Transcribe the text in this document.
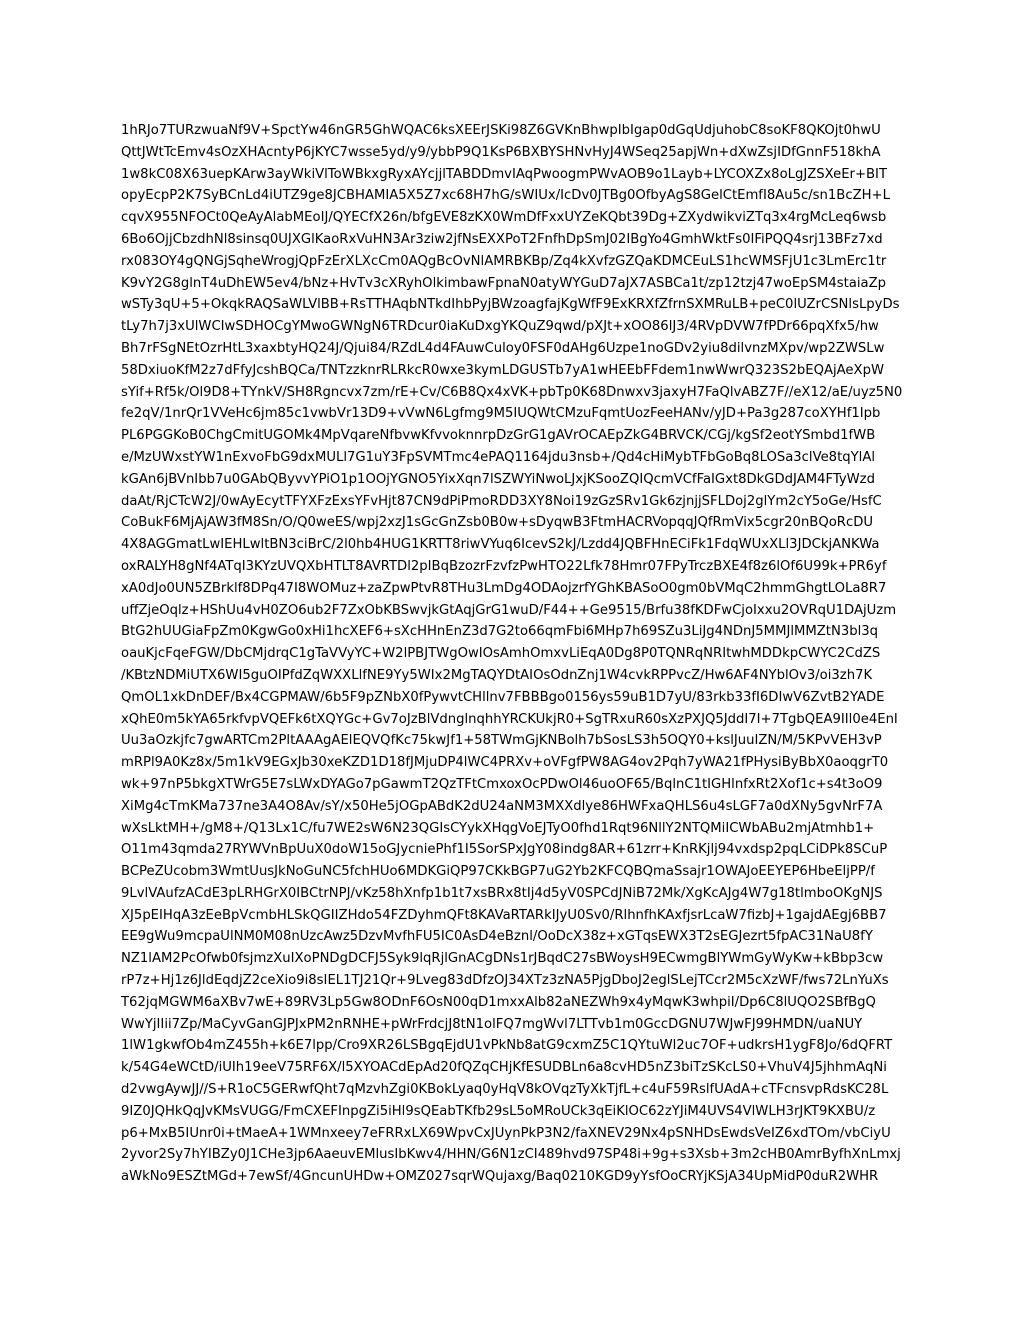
1hRJo7TURzwuaNf9V+SpctYw46nGR5GhWQAC6ksXEErJSKi98Z6GVKnBhwpIbIgap0dGqUdjuhobC8soKF8QKOjt0hwU
QttJWtTcEmv4sOzXHAcntyP6jKYC7wsse5yd/y9/ybbP9Q1KsP6BXBYSHNvHyJ4WSeq25apjWn+dXwZsjIDfGnnF518khA
1w8kC08X63uepKArw3ayWkiVlToWBkxgRyxAYcjjlTABDDmvIAqPwoogmPWvAOB9o1Layb+LYCOXZx8oLgJZSXeEr+BIT
opyEcpP2K7SyBCnLd4iUTZ9ge8JCBHAMIA5X5Z7xc68H7hG/sWIUx/IcDv0JTBg0OfbyAgS8GelCtEmfI8Au5c/sn1BcZH+L
cqvX955NFOCt0QeAyAlabMEoIJ/QYECfX26n/bfgEVE8zKX0WmDfFxxUYZeKQbt39Dg+ZXydwikviZTq3x4rgMcLeq6wsb
6Bo6OjjCbzdhNl8sinsq0UJXGlKaoRxVuHN3Ar3ziw2jfNsEXXPoT2FnfhDpSmJ02IBgYo4GmhWktFs0IFiPQQ4srj13BFz7xd
rx083OY4gQNGjSqheWrogjQpFzErXLXcCm0AQgBcOvNlAMRBKBp/Zq4kXvfzGZQaKDMCEuLS1hcWMSFjU1c3LmErc1tr
K9vY2G8glnT4uDhEW5ev4/bNz+HvTv3cXRyhOlkimbawFpnaN0atyWYGuD7aJX7ASBCa1t/zp12tzj47woEpSM4staiaZp
wSTy3qU+5+OkqkRAQSaWLVlBB+RsTTHAqbNTkdIhbPyjBWzoagfajKgWfF9ExKRXfZfrnSXMRuLB+peC0lUZrCSNlsLpyDs
tLy7h7j3xUlWCIwSDHOCgYMwoGWNgN6TRDcur0iaKuDxgYKQuZ9qwd/pXJt+xOO86lJ3/4RVpDVW7fPDr66pqXfx5/hw
Bh7rFSgNEtOzrHtL3xaxbtyHQ24J/Qjui84/RZdL4d4FAuwCuloy0FSF0dAHg6Uzpe1noGDv2yiu8dilvnzMXpv/wp2ZWSLw
58DxiuoKfM2z7dFfyJcshBQCa/TNTzzknrRLRkcR0wxe3kymLDGUSTb7yA1wHEEbFFdem1nwWwrQ323S2bEQAjAeXpW
sYif+Rf5k/Ol9D8+TYnkV/SH8Rgncvx7zm/rE+Cv/C6B8Qx4xVK+pbTp0K68Dnwxv3jaxyH7FaQlvABZ7F//eX12/aE/uyz5N0
fe2qV/1nrQr1VVeHc6jm85c1vwbVr13D9+vVwN6Lgfmg9M5IUQWtCMzuFqmtUozFeeHANv/yJD+Pa3g287coXYHf1Ipb
PL6PGGKoB0ChgCmitUGOMk4MpVqareNfbvwKfvvoknnrpDzGrG1gAVrOCAEpZkG4BRVCK/CGj/kgSf2eotYSmbd1fWB
e/MzUWxstYW1nExvoFbG9dxMULl7G1uY3FpSVMTmc4ePAQ1164jdu3nsb+/Qd4cHiMybTFbGoBq8LOSa3clVe8tqYlAl
kGAn6jBVnIbb7u0GAbQByvvYPiO1p1OOjYGNO5YixXqn7lSZWYiNwoLJxjKSooZQIQcmVCfFaIGxt8DkGDdJAM4FTyWzd
daAt/RjCTcW2J/0wAyEcytTFYXFzExsYFvHjt87CN9dPiPmoRDD3XY8Noi19zGzSRv1Gk6zjnjjSFLDoj2glYm2cY5oGe/HsfC
CoBukF6MjAjAW3fM8Sn/O/Q0weES/wpj2xzJ1sGcGnZsb0B0w+sDyqwB3FtmHACRVopqqJQfRmVix5cgr20nBQoRcDU
4X8AGGmatLwIEHLwltBN3ciBrC/2l0hb4HUG1KRTT8riwVYuq6IcevS2kJ/Lzdd4JQBFHnECiFk1FdqWUxXLl3JDCkjANKWa
oxRALYH8gNf4ATqI3KYzUVQXbHTLT8AVRTDl2pIBqBzozrFzvfzPwHTO22Lfk78Hmr07FPyTrczBXE4f8z6lOf6U99k+PR6yf
xA0dJo0UN5ZBrklf8DPq47I8WOMuz+zaZpwPtvR8THu3LmDg4ODAojzrfYGhKBASoO0gm0bVMqC2hmmGhgtLOLa8R7
uffZjeOqlz+HShUu4vH0ZO6ub2F7ZxObKBSwvjkGtAqjGrG1wuD/F44++Ge9515/Brfu38fKDFwCjoIxxu2OVRqU1DAjUzm
BtG2hUUGiaFpZm0KgwGo0xHi1hcXEF6+sXcHHnEnZ3d7G2to66qmFbi6MHp7h69SZu3LiJg4NDnJ5MMJlMMZtN3bl3q
oauKjcFqeFGW/DbCMjdrqC1gTaVVyYC+W2lPBJTWgOwIOsAmhOmxvLiEqA0Dg8P0TQNRqNRItwhMDDkpCWYC2CdZS
/KBtzNDMiUTX6WI5guOIPfdZqWXXLlfNE9Yy5WIx2MgTAQYDtAIOsOdnZnj1W4cvkRPPvcZ/Hw6AF4NYblOv3/oi3zh7K
QmOL1xkDnDEF/Bx4CGPMAW/6b5F9pZNbX0fPywvtCHllnv7FBBBgo0156ys59uB1D7yU/83rkb33fI6DIwV6ZvtB2YADE
xQhE0m5kYA65rkfvpVQEFk6tXQYGc+Gv7oJzBlVdnglnqhhYRCKUkjR0+SgTRxuR60sXzPXJQ5JddI7I+7TgbQEA9IIl0e4EnI
Uu3aOzkjfc7gwARTCm2PltAAAgAElEQVQfKc75kwJf1+58TWmGjKNBolh7bSosLS3h5OQY0+kslJuuIZN/M/5KPvVEH3vP
mRPl9A0Kz8x/5m1kV9EGxJb30xeKZD1D18fJMjuDP4lWC4PRXv+oVFgfPW8AG4ov2Pqh7yWA21fPHysiByBbX0aoqgrT0
wk+97nP5bkgXTWrG5E7sLWxDYAGo7pGawmT2QzTFtCmxoxOcPDwOl46uoOF65/BqlnC1tIGHlnfxRt2Xof1c+s4t3oO9
XiMg4cTmKMa737ne3A4O8Av/sY/x50He5jOGpABdK2dU24aNM3MXXdlye86HWFxaQHLS6u4sLGF7a0dXNy5gvNrF7A
wXsLktMH+/gM8+/Q13Lx1C/fu7WE2sW6N23QGIsCYykXHqgVoEJTyO0fhd1Rqt96NllY2NTQMiICWbABu2mjAtmhb1+
O11m43qmda27RYWVnBpUuX0doW15oGJycniePhf1I5SorSPxJgY08indg8AR+61zrr+KnRKjlj94vxdsp2pqLCiDPk8SCuP
BCPeZUcobm3WmtUusJkNoGuNC5fchHUo6MDKGiQP97CKkBGP7uG2Yb2KFCQBQmaSsajr1OWAJoEEYEP6HbeEljPP/f
9LvlVAufzACdE3pLRHGrX0IBCtrNPJ/vKz58hXnfp1b1t7xsBRx8tIj4d5yV0SPCdJNiB72Mk/XgKcAJg4W7g18tlmboOKgNJS
XJ5pEIHqA3zEeBpVcmbHLSkQGIIZHdo54FZDyhmQFt8KAVaRTARkIJyU0Sv0/RlhnfhKAxfjsrLcaW7fizbJ+1gajdAEgj6BB7
EE9gWu9mcpaUlNM0M08nUzcAwz5DzvMvfhFU5IC0AsD4eBznl/OoDcX38z+xGTqsEWX3T2sEGJezrt5fpAC31NaU8fY
NZ1lAM2PcOfwb0fsjmzXuIXoPNDgDCFJ5Syk9lqRjlGnACgDNs1rJBqdC27sBWoysH9ECwmgBlYWmGyWyKw+kBbp3cw
rP7z+Hj1z6JldEqdjZ2ceXio9i8sIEL1TJ21Qr+9Lveg83dDfzOJ34XTz3zNA5PjgDboJ2eglSLejTCcr2M5cXzWF/fws72LnYuXs
T62jqMGWM6aXBv7wE+89RV3Lp5Gw8ODnF6OsN00qD1mxxAlb82aNEZWh9x4yMqwK3whpiI/Dp6C8lUQO2SBfBgQ
WwYjIIii7Zp/MaCyvGanGJPJxPM2nRNHE+pWrFrdcjJ8tN1olFQ7mgWvl7LTTvb1m0GccDGNU7WJwFJ99HMDN/uaNUY
1lW1gkwfOb4mZ455h+k6E7lpp/Cro9XR26LSBgqEjdU1vPkNb8atG9cxmZ5C1QYtuWl2uc7OF+udkrsH1ygF8Jo/6dQFRT
k/54G4eWCtD/iUIh19eeV75RF6X/l5XYOACdEpAd20fQZqCHjKfESUDBLn6a8cvHD5nZ3biTzSKcLS0+VhuV4J5jhhmAqNi
d2vwgAywJJ//S+R1oC5GERwfQht7qMzvhZgi0KBokLyaq0yHqV8kOVqzTyXkTjfL+c4uF59RslfUAdA+cTFcnsvpRdsKC28L
9IZ0JQHkQqJvKMsVUGG/FmCXEFInpgZi5iHl9sQEabTKfb29sL5oMRoUCk3qEiKlOC62zYJiM4UVS4VlWLH3rJKT9KXBU/z
p6+MxB5IUnr0i+tMaeA+1WMnxeey7eFRRxLX69WpvCxJUynPkP3N2/faXNEV29Nx4pSNHDsEwdsVeIZ6xdTOm/vbCiyU
2yvor2Sy7hYIBZy0J1CHe3jp6AaeuvEMlusIbKwv4/HHN/G6N1zCI489hvd97SP48i+9g+s3Xsb+3m2cHB0AmrByfhXnLmxj
aWkNo9ESZtMGd+7ewSf/4GncunUHDw+OMZ027sqrWQujaxg/Baq0210KGD9yYsfOoCRYjKSjA34UpMidP0duR2WHR
